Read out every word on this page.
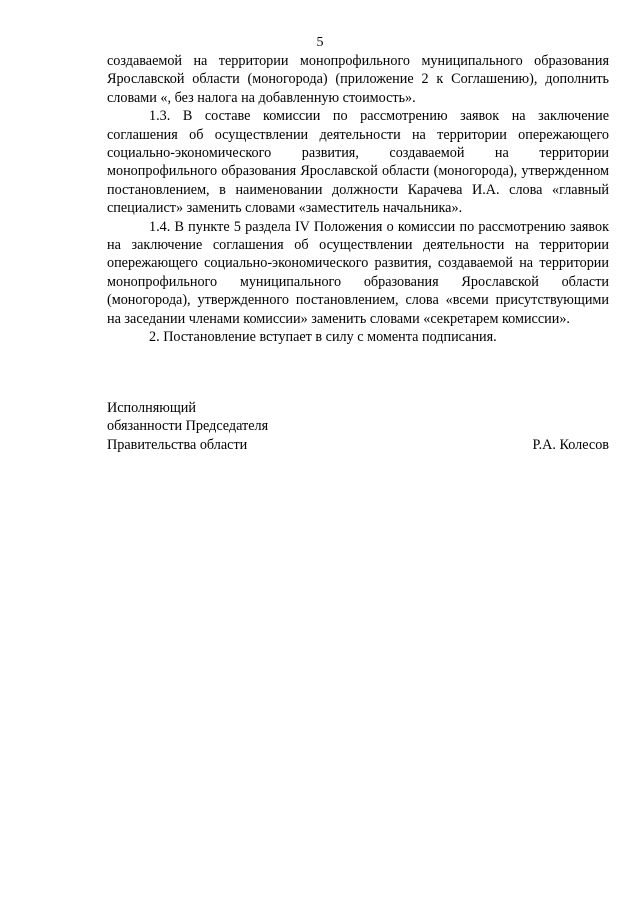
5

создаваемой на территории монопрофильного муниципального образования Ярославской области (моногорода) (приложение 2 к Соглашению), дополнить словами «, без налога на добавленную стоимость».

1.3. В составе комиссии по рассмотрению заявок на заключение соглашения об осуществлении деятельности на территории опережающего социально-экономического развития, создаваемой на территории монопрофильного образования Ярославской области (моногорода), утвержденном постановлением, в наименовании должности Карачева И.А. слова «главный специалист» заменить словами «заместитель начальника».

1.4. В пункте 5 раздела IV Положения о комиссии по рассмотрению заявок на заключение соглашения об осуществлении деятельности на территории опережающего социально-экономического развития, создаваемой на территории монопрофильного муниципального образования Ярославской области (моногорода), утвержденного постановлением, слова «всеми присутствующими на заседании членами комиссии» заменить словами «секретарем комиссии».

2. Постановление вступает в силу с момента подписания.

Исполняющий
обязанности Председателя
Правительства области	Р.А. Колесов
